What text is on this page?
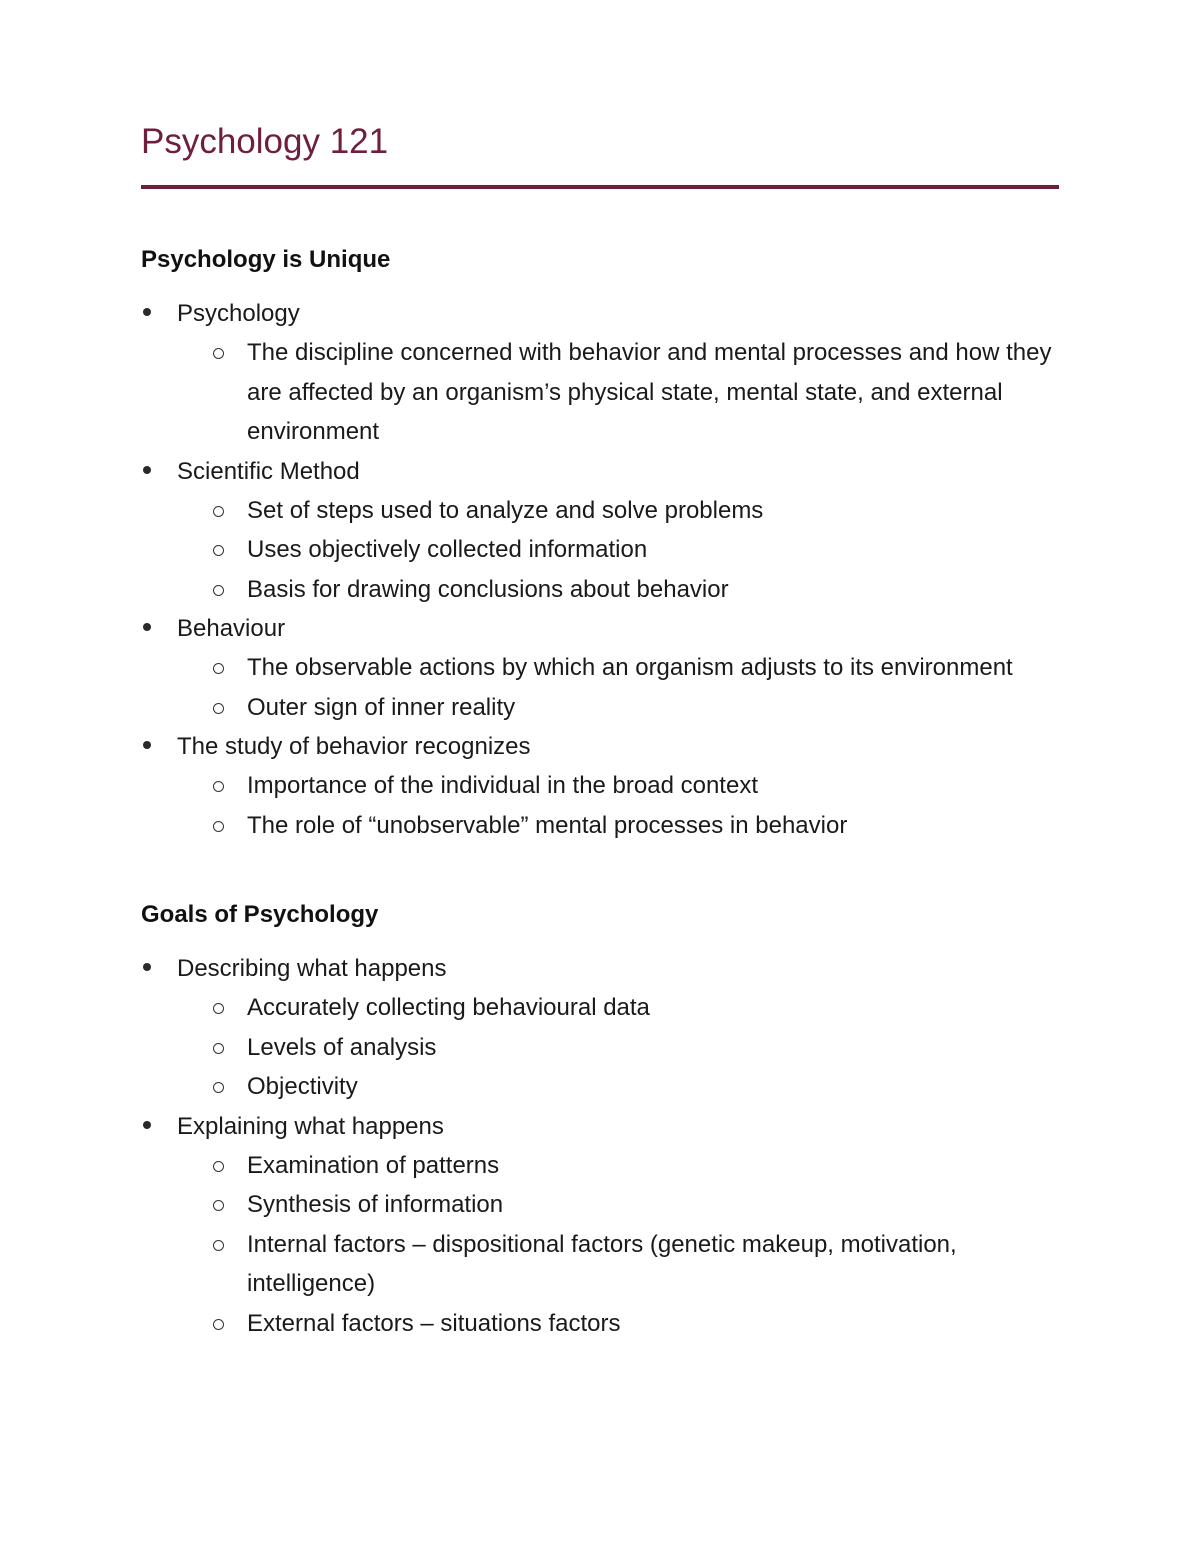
Psychology 121
Psychology is Unique
Psychology
The discipline concerned with behavior and mental processes and how they are affected by an organism’s physical state, mental state, and external environment
Scientific Method
Set of steps used to analyze and solve problems
Uses objectively collected information
Basis for drawing conclusions about behavior
Behaviour
The observable actions by which an organism adjusts to its environment
Outer sign of inner reality
The study of behavior recognizes
Importance of the individual in the broad context
The role of “unobservable” mental processes in behavior
Goals of Psychology
Describing what happens
Accurately collecting behavioural data
Levels of analysis
Objectivity
Explaining what happens
Examination of patterns
Synthesis of information
Internal factors – dispositional factors (genetic makeup, motivation, intelligence)
External factors – situations factors
